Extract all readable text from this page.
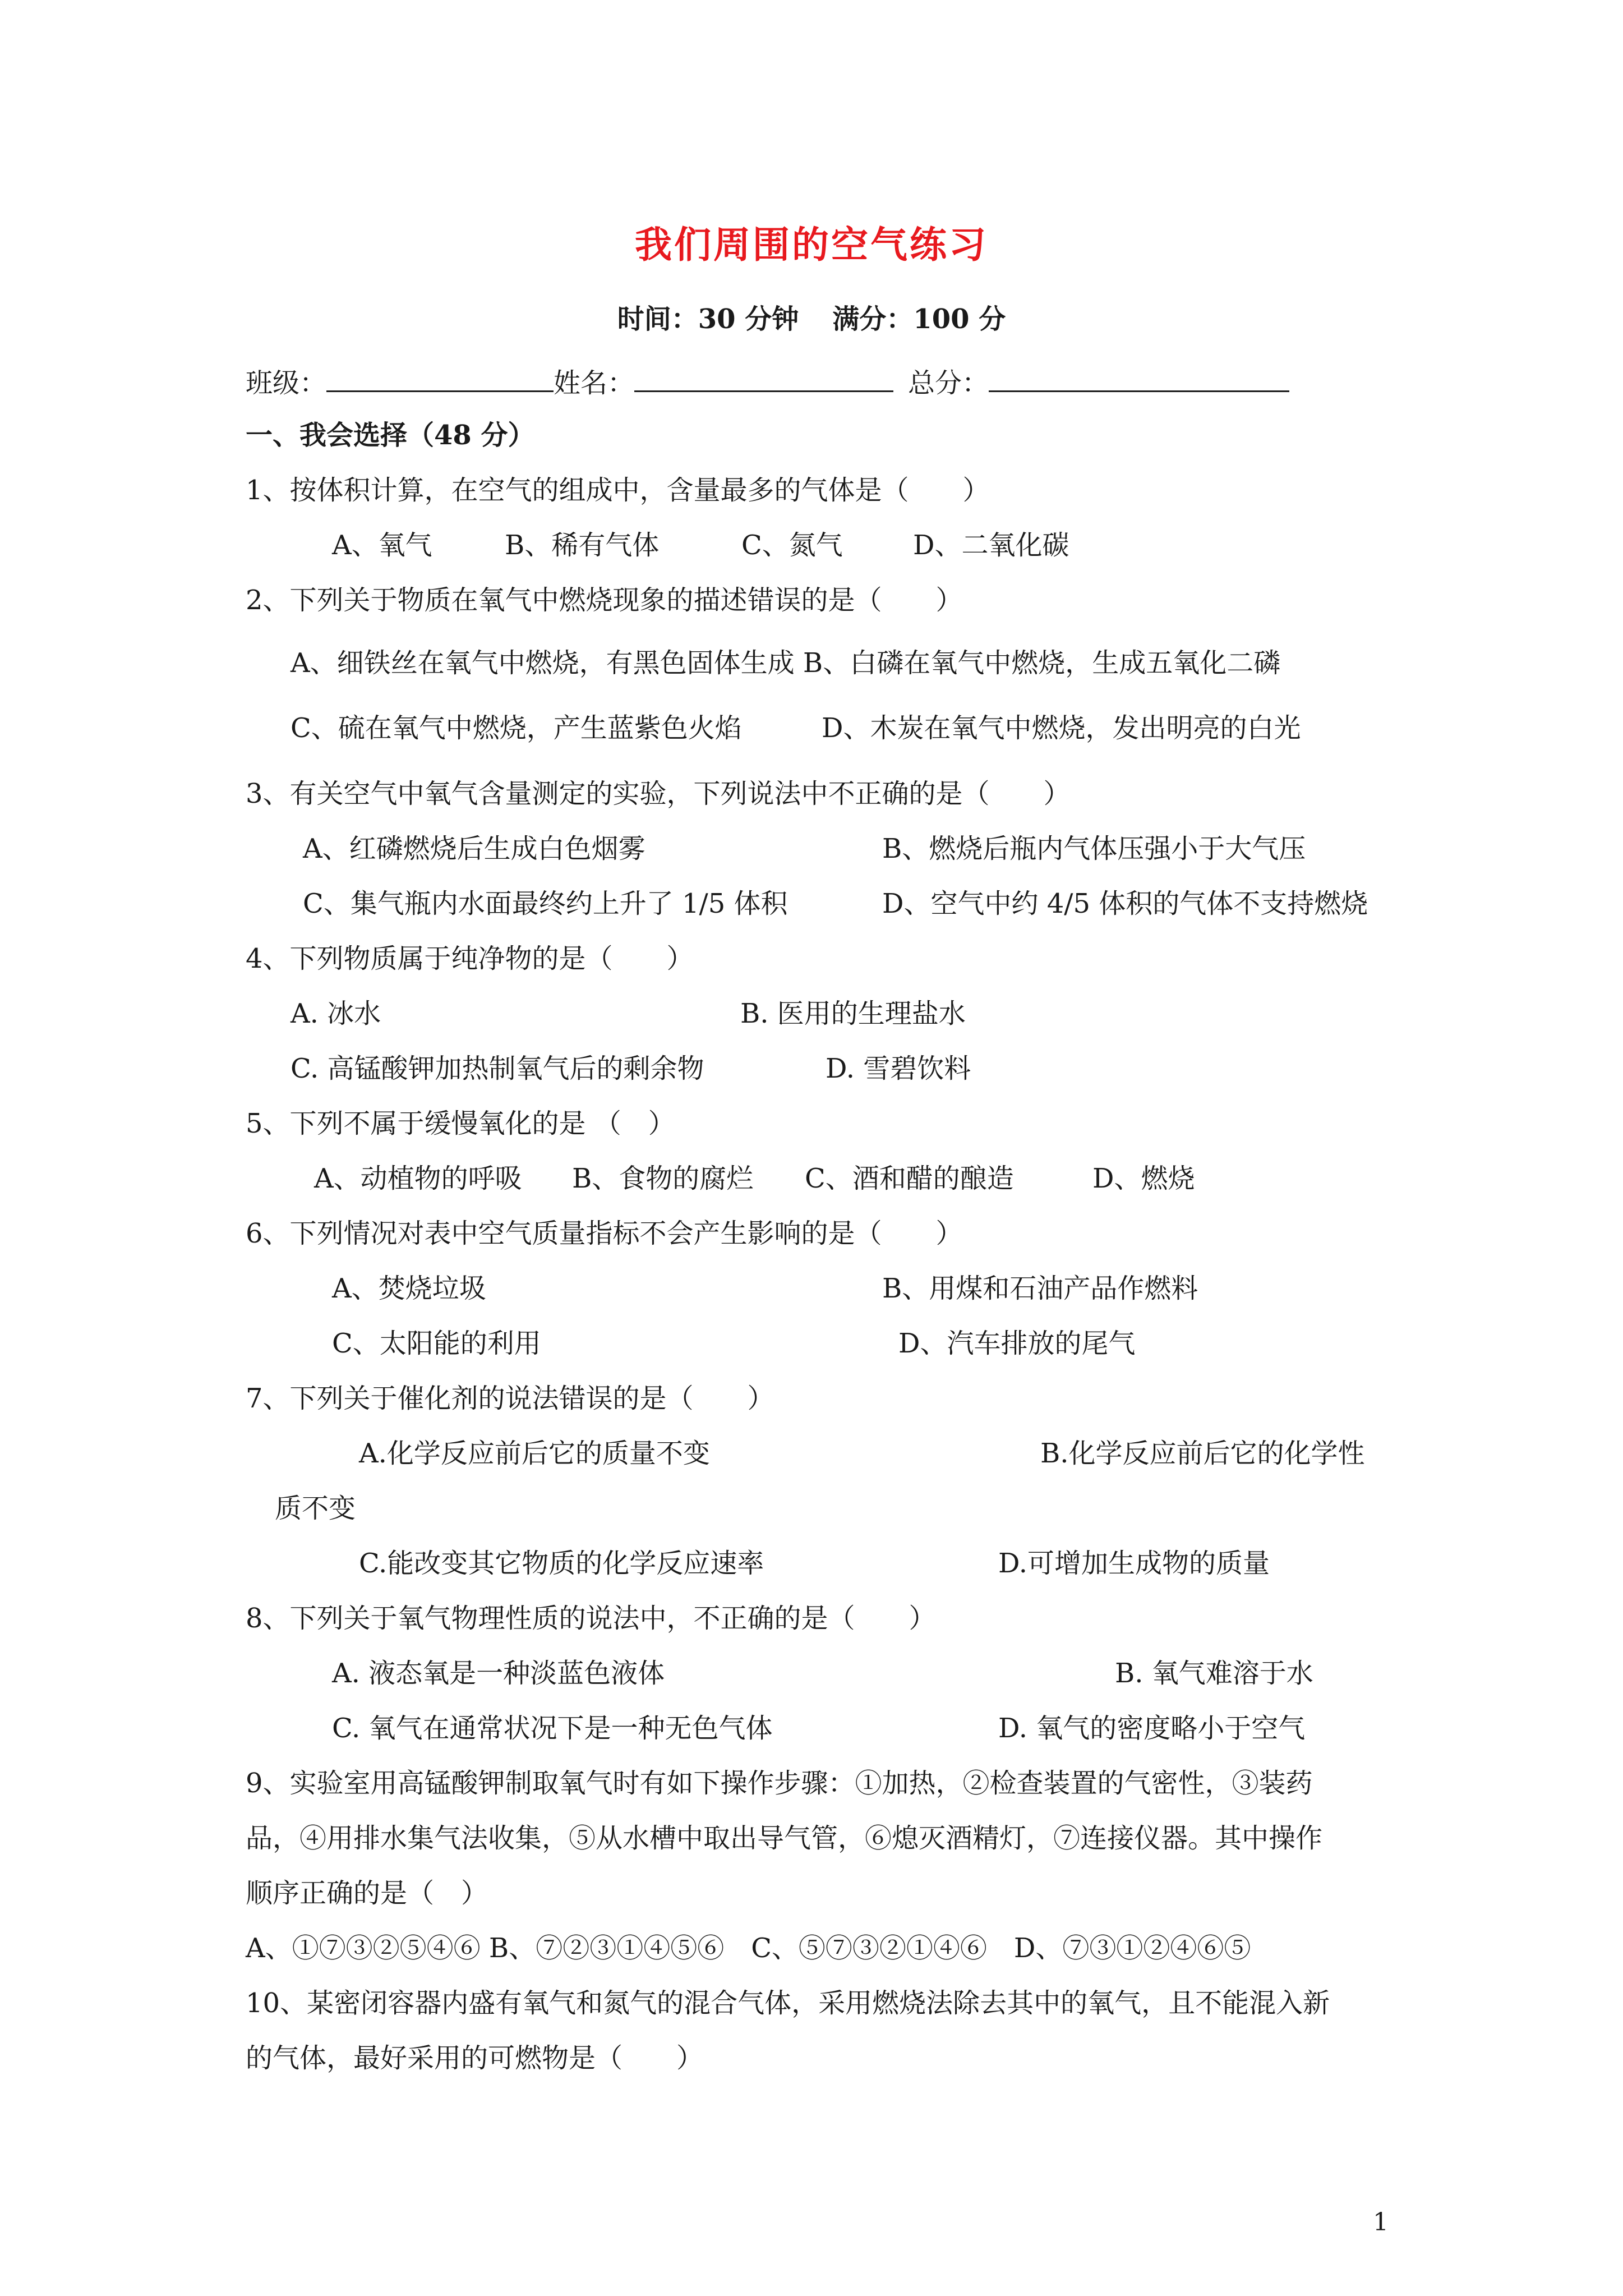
我们周围的空气练习
时间：30 分钟 满分：100 分
班级：	姓名：	总分：
一、我会选择（48 分）
1、按体积计算，在空气的组成中，含量最多的气体是（　　）
A、氧气	B、稀有气体	C、氮气	D、二氧化碳
2、下列关于物质在氧气中燃烧现象的描述错误的是（　　）
A、细铁丝在氧气中燃烧，有黑色固体生成 B、白磷在氧气中燃烧，生成五氧化二磷
C、硫在氧气中燃烧，产生蓝紫色火焰	D、木炭在氧气中燃烧，发出明亮的白光
3、有关空气中氧气含量测定的实验，下列说法中不正确的是（　　）
A、红磷燃烧后生成白色烟雾	B、燃烧后瓶内气体压强小于大气压
C、集气瓶内水面最终约上升了 1/5 体积	D、空气中约 4/5 体积的气体不支持燃烧
4、下列物质属于纯净物的是（　　）
A. 冰水	B. 医用的生理盐水
C. 高锰酸钾加热制氧气后的剩余物	D. 雪碧饮料
5、下列不属于缓慢氧化的是 （　）
A、动植物的呼吸 B、食物的腐烂 C、酒和醋的酿造	D、燃烧
6、下列情况对表中空气质量指标不会产生影响的是（　　）
A、焚烧垃圾	B、用煤和石油产品作燃料
C、太阳能的利用	D、汽车排放的尾气
7、下列关于催化剂的说法错误的是（　　）
A.化学反应前后它的质量不变	B.化学反应前后它的化学性
质不变
C.能改变其它物质的化学反应速率	D.可增加生成物的质量
8、下列关于氧气物理性质的说法中，不正确的是（　　）
A. 液态氧是一种淡蓝色液体	B. 氧气难溶于水
C. 氧气在通常状况下是一种无色气体	D. 氧气的密度略小于空气
9、实验室用高锰酸钾制取氧气时有如下操作步骤：①加热，②检查装置的气密性，③装药
品，④用排水集气法收集，⑤从水槽中取出导气管，⑥熄灭酒精灯，⑦连接仪器。其中操作
顺序正确的是（　）
A、①⑦③②⑤④⑥ B、⑦②③①④⑤⑥　C、⑤⑦③②①④⑥　D、⑦③①②④⑥⑤
10、某密闭容器内盛有氧气和氮气的混合气体，采用燃烧法除去其中的氧气，且不能混入新
的气体，最好采用的可燃物是（　　）
1
